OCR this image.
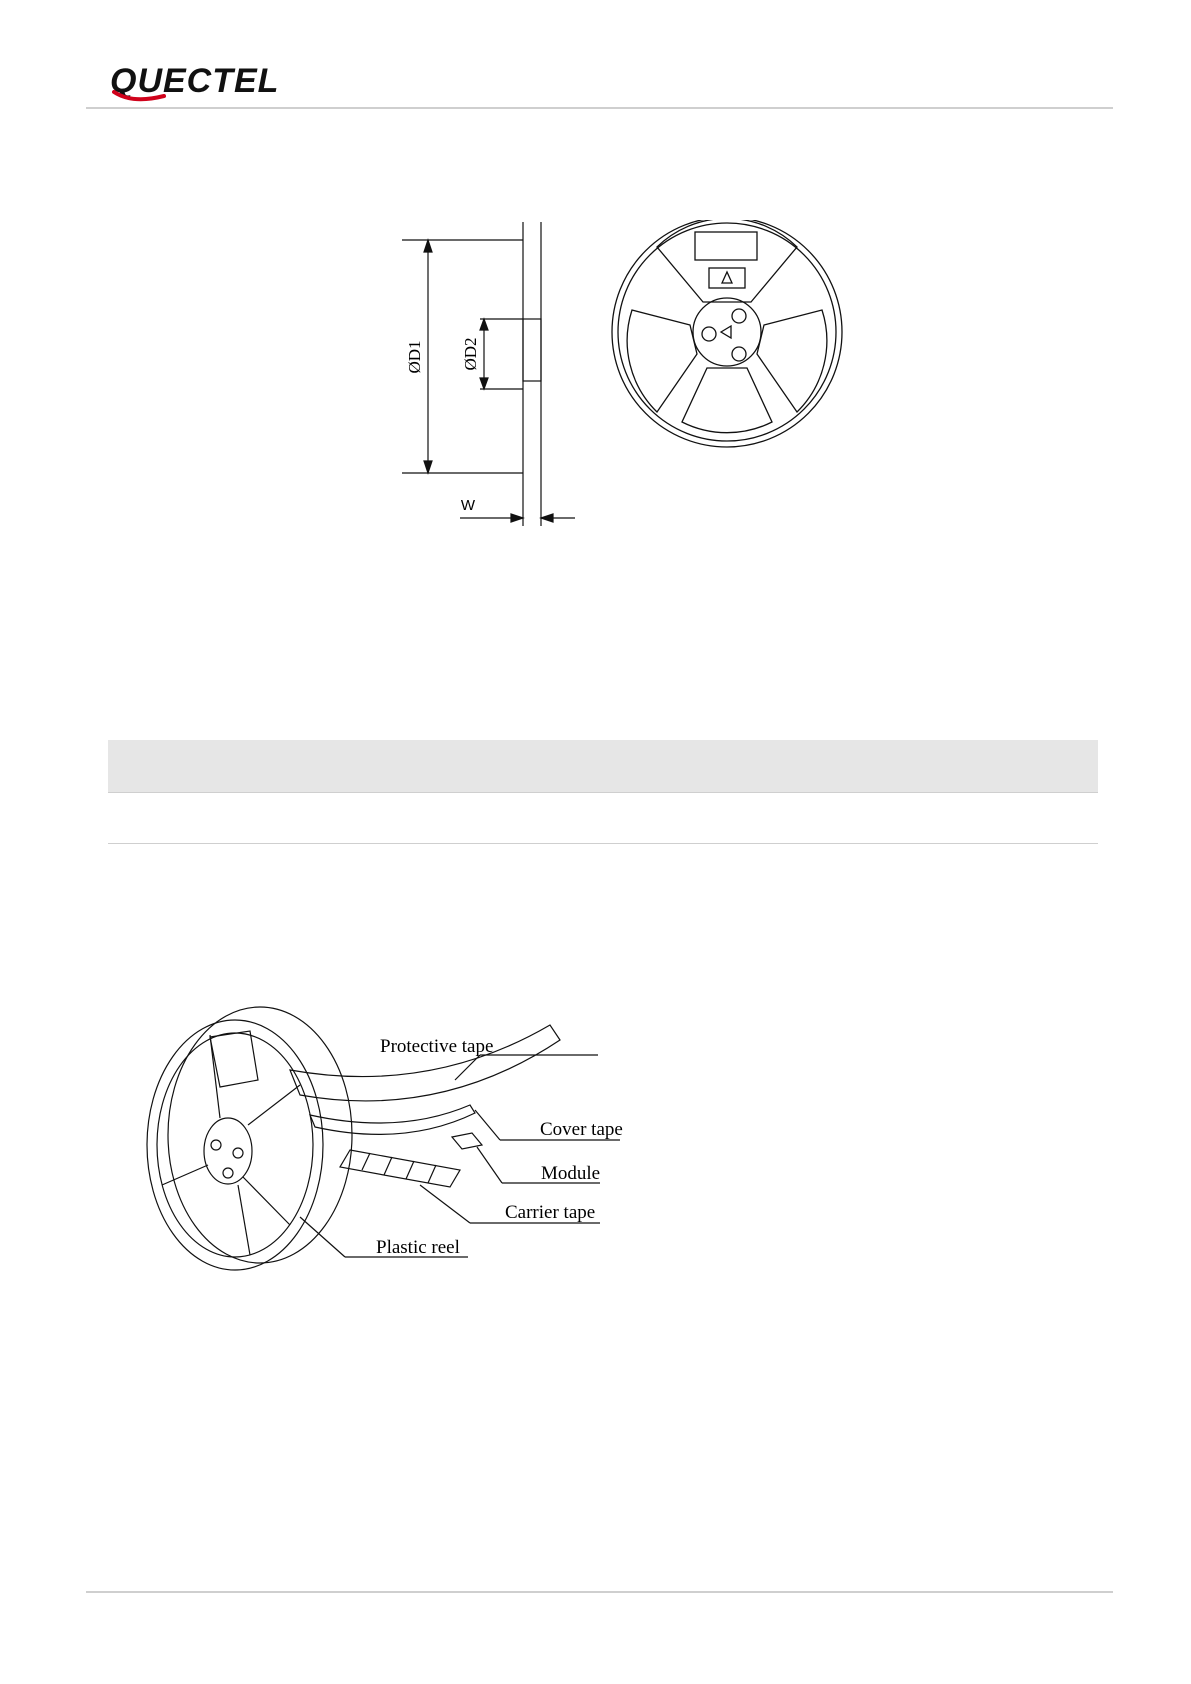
QUECTEL
ØD1 ØD2
W
Protective tape
Cover tape
Module
Plastic reel
Carrier tape
